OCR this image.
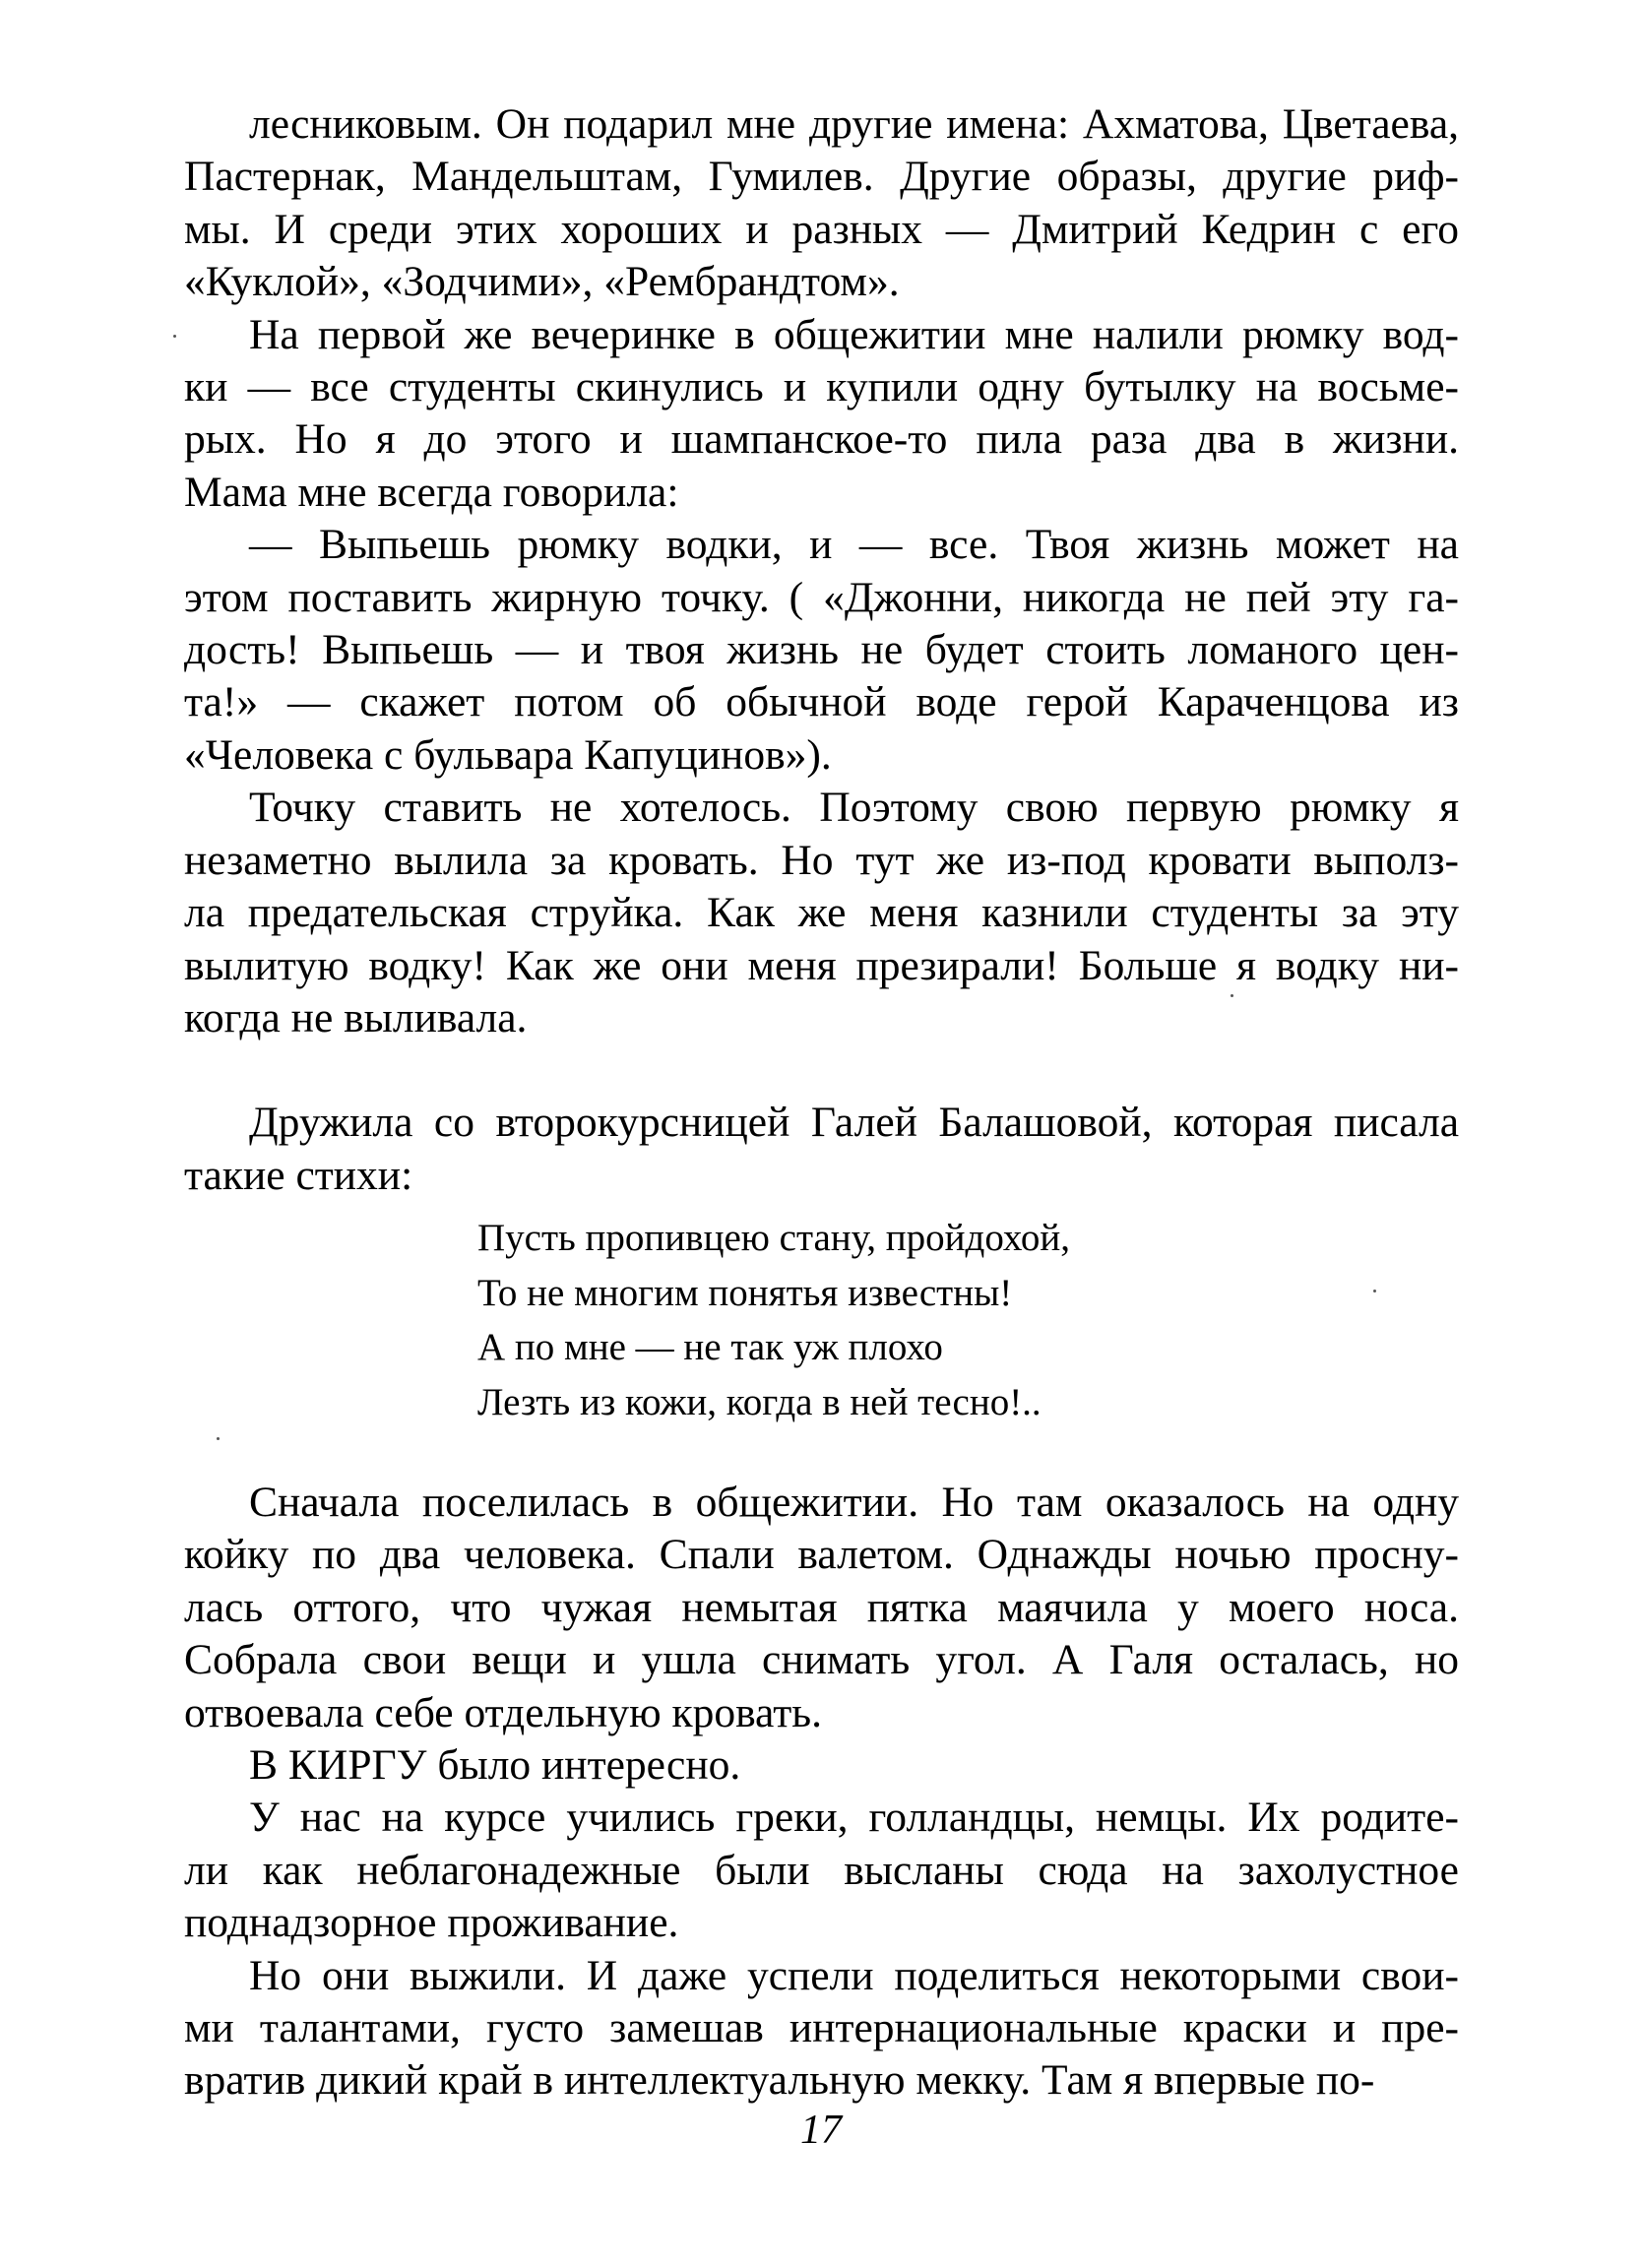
лесниковым. Он подарил мне другие имена: Ахматова, Цветаева,
Пастернак, Мандельштам, Гумилев. Другие образы, другие риф-
мы. И среди этих хороших и разных — Дмитрий Кедрин с его
«Куклой», «Зодчими», «Рембрандтом».
На первой же вечеринке в общежитии мне налили рюмку вод-
ки — все студенты скинулись и купили одну бутылку на восьме-
рых. Но я до этого и шампанское-то пила раза два в жизни.
Мама мне всегда говорила:
— Выпьешь рюмку водки, и — все. Твоя жизнь может на
этом поставить жирную точку. ( «Джонни, никогда не пей эту га-
дость! Выпьешь — и твоя жизнь не будет стоить ломаного цен-
та!» — скажет потом об обычной воде герой Караченцова из
«Человека с бульвара Капуцинов»).
Точку ставить не хотелось. Поэтому свою первую рюмку я
незаметно вылила за кровать. Но тут же из-под кровати выполз-
ла предательская струйка. Как же меня казнили студенты за эту
вылитую водку! Как же они меня презирали! Больше я водку ни-
когда не выливала.
Дружила со второкурсницей Галей Балашовой, которая писала
такие стихи:
Пусть пропивцею стану, пройдохой,
То не многим понятья известны!
А по мне — не так уж плохо
Лезть из кожи, когда в ней тесно!..
Сначала поселилась в общежитии. Но там оказалось на одну
койку по два человека. Спали валетом. Однажды ночью просну-
лась оттого, что чужая немытая пятка маячила у моего носа.
Собрала свои вещи и ушла снимать угол. А Галя осталась, но
отвоевала себе отдельную кровать.
В КИРГУ было интересно.
У нас на курсе учились греки, голландцы, немцы. Их родите-
ли как неблагонадежные были высланы сюда на захолустное
поднадзорное проживание.
Но они выжили. И даже успели поделиться некоторыми свои-
ми талантами, густо замешав интернациональные краски и пре-
вратив дикий край в интеллектуальную мекку. Там я впервые по-
17
